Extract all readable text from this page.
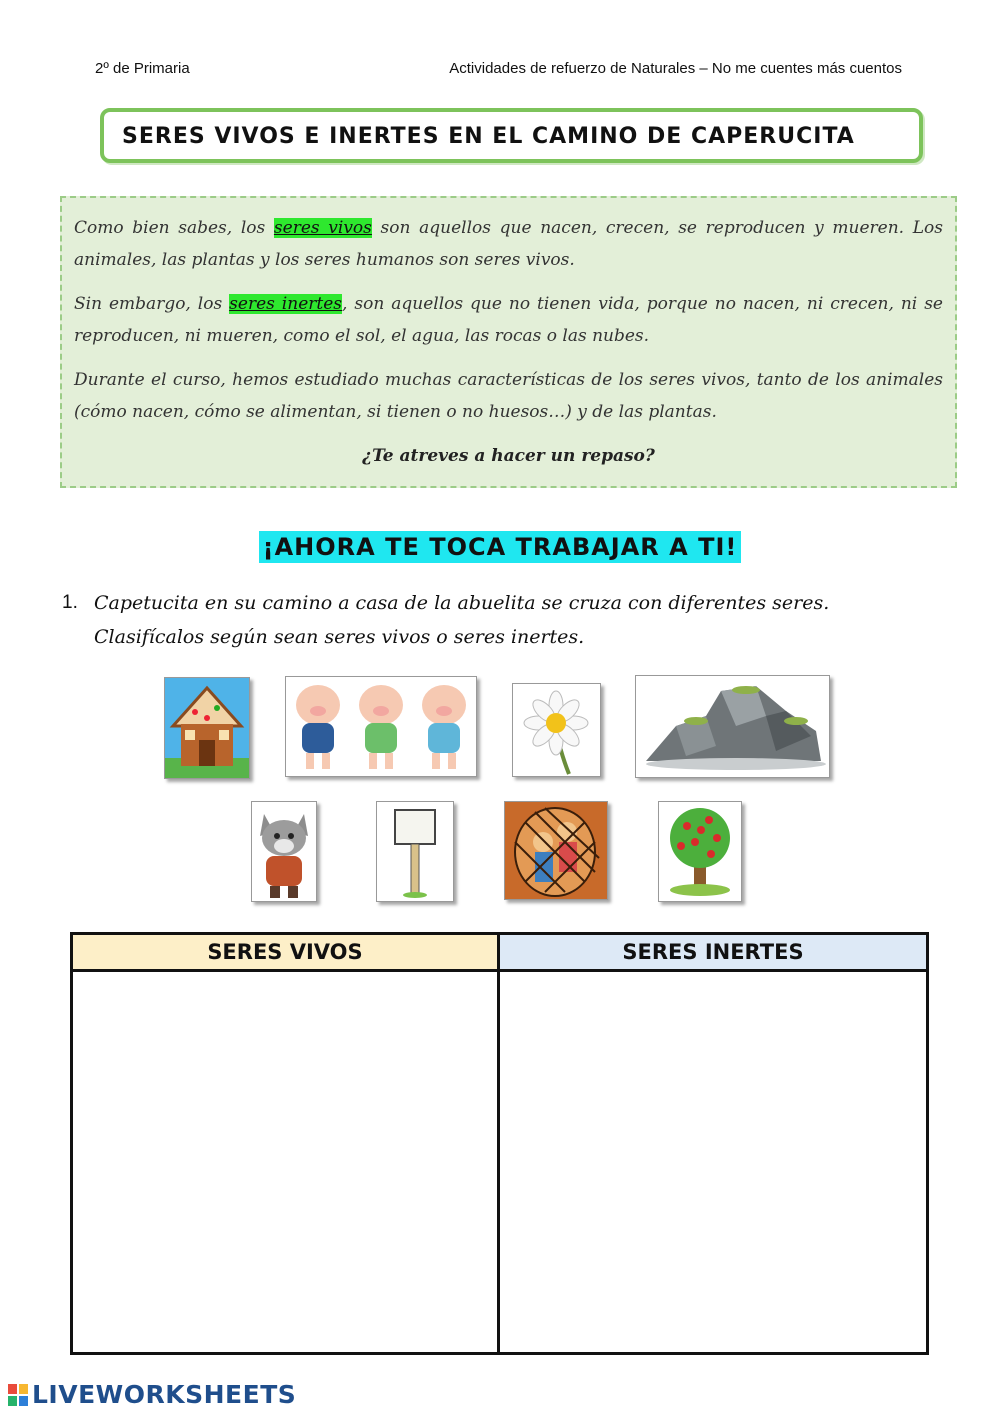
2º de Primaria	Actividades de refuerzo de Naturales – No me cuentes más cuentos
SERES VIVOS E INERTES EN EL CAMINO DE CAPERUCITA

Como bien sabes, los seres vivos son aquellos que nacen, crecen, se reproducen y mueren. Los animales, las plantas y los seres humanos son seres vivos.

Sin embargo, los seres inertes, son aquellos que no tienen vida, porque no nacen, ni crecen, ni se reproducen, ni mueren, como el sol, el agua, las rocas o las nubes.

Durante el curso, hemos estudiado muchas características de los seres vivos, tanto de los animales (cómo nacen, cómo se alimentan, si tienen o no huesos…) y de las plantas.

¿Te atreves a hacer un repaso?
¡AHORA TE TOCA TRABAJAR A TI!
1. Capetucita en su camino a casa de la abuelita se cruza con diferentes seres. Clasifícalos según sean seres vivos o seres inertes.
SERES VIVOS	SERES INERTES

LIVEWORKSHEETS
